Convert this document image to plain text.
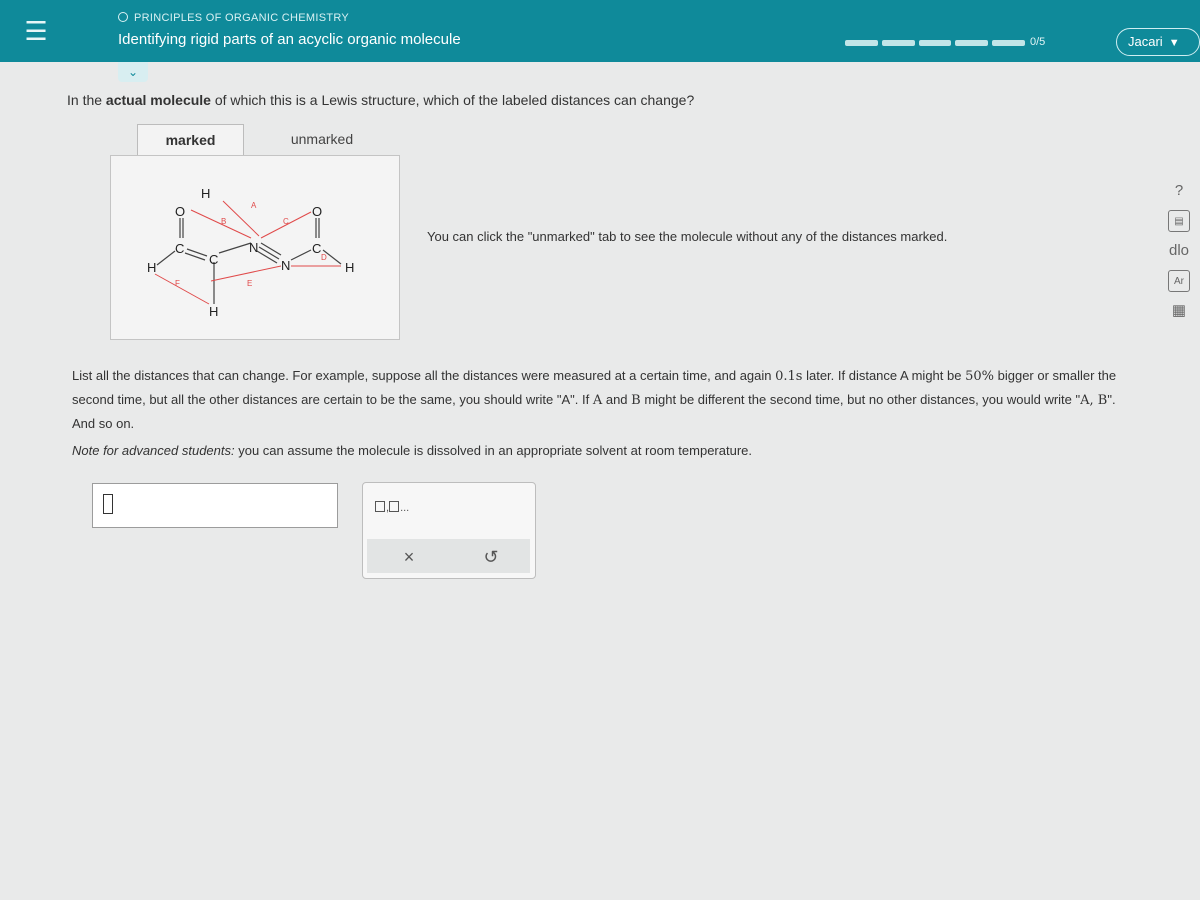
☰	PRINCIPLES OF ORGANIC CHEMISTRY
Identifying rigid parts of an acyclic organic molecule	0/5	Jacari ▼
⌄
In the actual molecule of which this is a Lewis structure, which of the labeled distances can change?
marked	unmarked
H
O
C
H
C
H
N
N
O
C
H
B
A
C
D
E
F
You can click the "unmarked" tab to see the molecule without any of the distances marked.
List all the distances that can change. For example, suppose all the distances were measured at a certain time, and again 0.1s later. If distance A might be 50% bigger or smaller the second time, but all the other distances are certain to be the same, you should write "A". If A and B might be different the second time, but no other distances, you would write "A, B". And so on.
Note for advanced students: you can assume the molecule is dissolved in an appropriate solvent at room temperature.
, ...
×	↺
?
▤
dlo
Ar
▦
